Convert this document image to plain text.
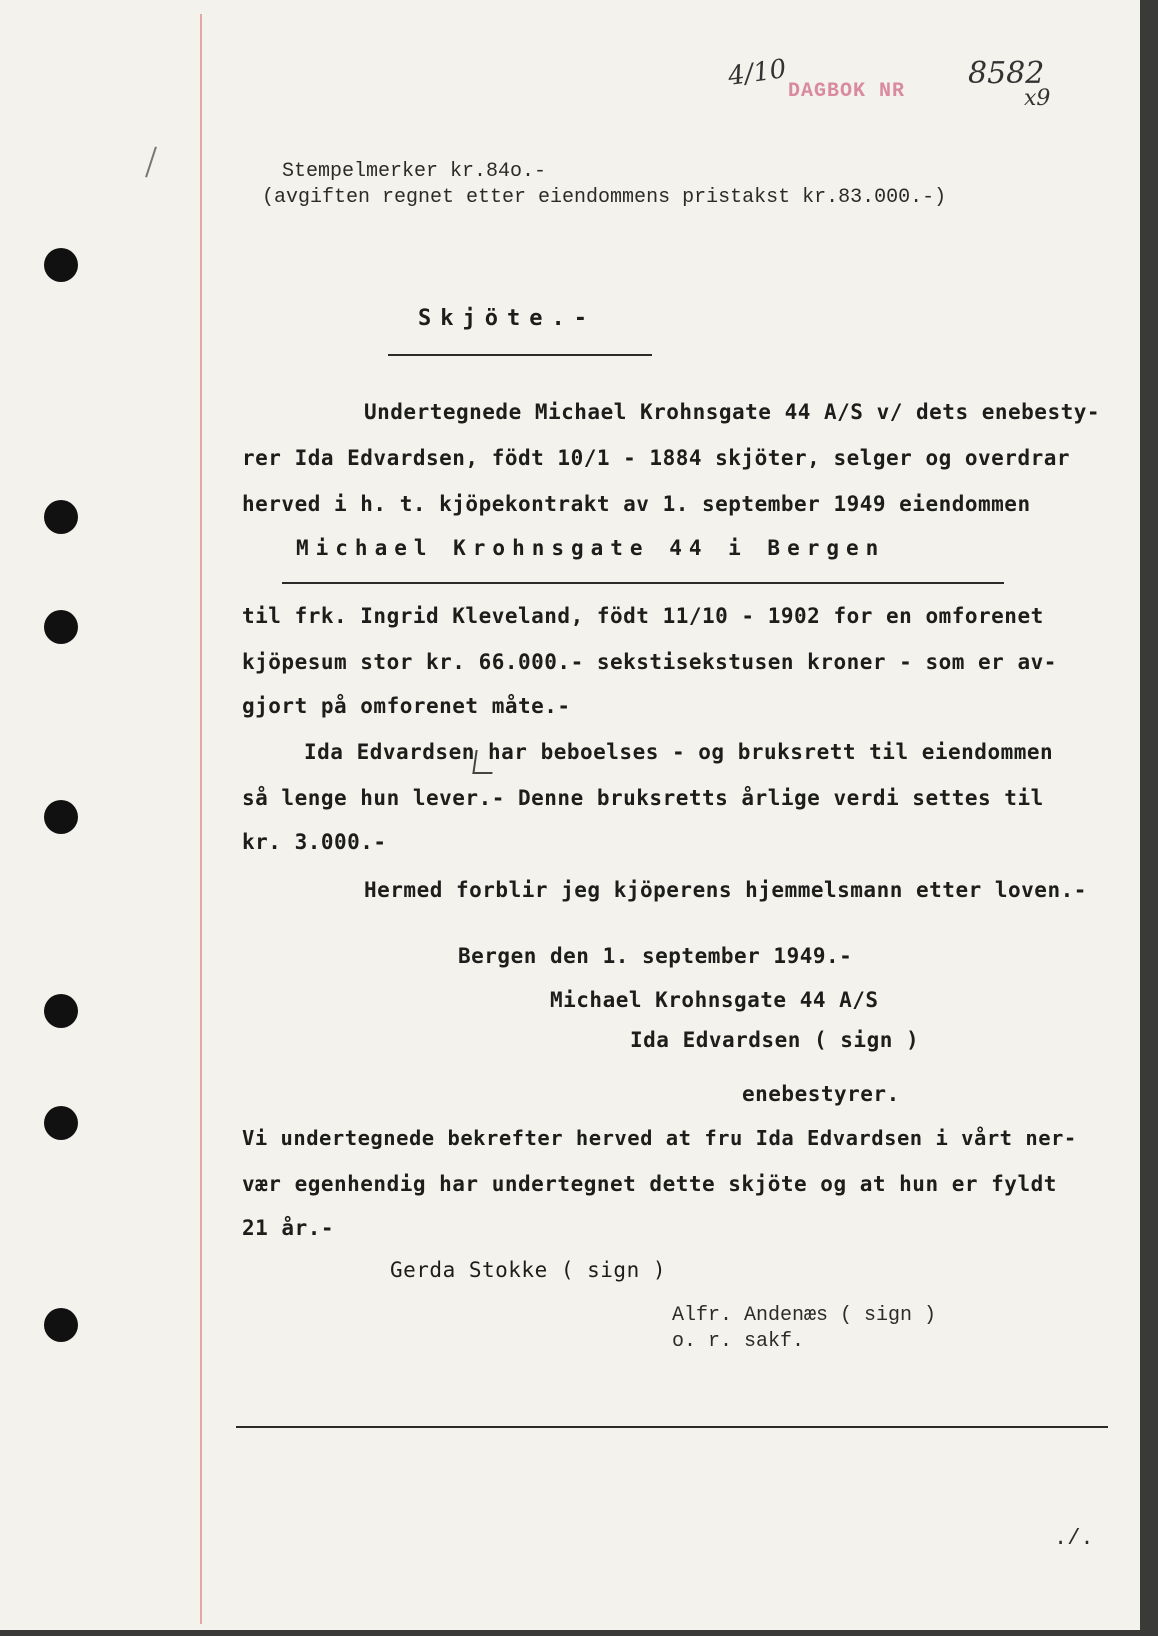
4/10 DAGBOK NR
8582
x9
Stempelmerker kr.84o.-
(avgiften regnet etter eiendommens pristakst kr.83.000.-)
Skjöte.-
Undertegnede Michael Krohnsgate 44 A/S v/ dets enebesty-
rer Ida Edvardsen, födt 10/1 - 1884 skjöter, selger og overdrar
herved i h. t. kjöpekontrakt av 1. september 1949 eiendommen
Michael Krohnsgate 44 i Bergen
til frk. Ingrid Kleveland, födt 11/10 - 1902 for en omforenet
kjöpesum stor kr. 66.000.- sekstisekstusen kroner - som er av-
gjort på omforenet måte.-
Ida Edvardsen har beboelses - og bruksrett til eiendommen
så lenge hun lever.- Denne bruksretts årlige verdi settes til
kr. 3.000.-
Hermed forblir jeg kjöperens hjemmelsmann etter loven.-
Bergen den 1. september 1949.-
Michael Krohnsgate 44 A/S
Ida Edvardsen ( sign )
enebestyrer.
Vi undertegnede bekrefter herved at fru Ida Edvardsen i vårt ner-
vær egenhendig har undertegnet dette skjöte og at hun er fyldt
21 år.-
Gerda Stokke ( sign )
Alfr. Andenæs ( sign )
o. r. sakf.
./.
